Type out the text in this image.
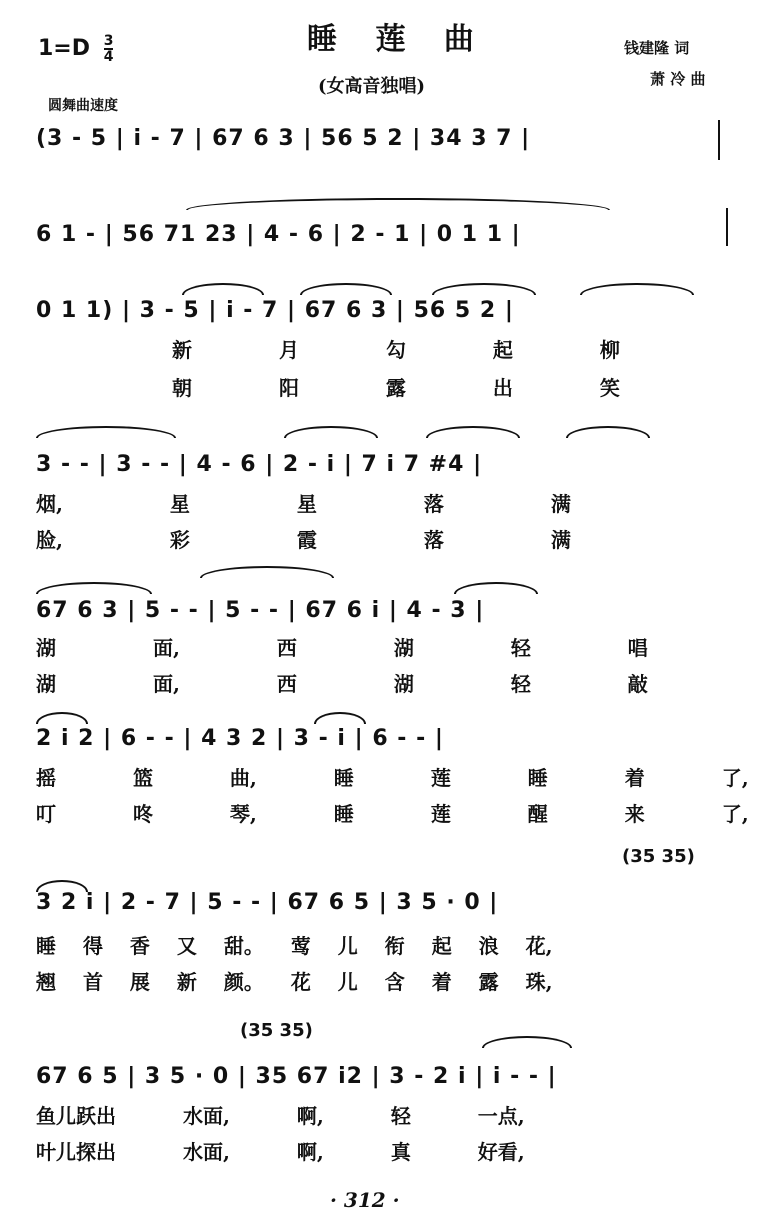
$1=D \frac{3}{4}$	睡 莲 曲
(女高音独唱)
钱建隆 词
萧 冷 曲
圆舞曲速度
(3 - 5 | i - 7 | 67 6 3 | 56 5 2 | 34 3 7 |
6 1 - | 56 71 23 | 4 - 6 | 2 - 1 | 0 1 1 |
0 1 1) | 3 - 5 | i - 7 | 67 6 3 | 56 5 2 |
新 月 勾 起 柳
朝 阳 露 出 笑
3 - - | 3 - - | 4 - 6 | 2 - i | 7 i 7 #4 |
烟, 星 星 落 满
脸, 彩 霞 落 满
67 6 3 | 5 - - | 5 - - | 67 6 i | 4 - 3 |
湖 面, 西 湖 轻 唱
湖 面, 西 湖 轻 敲
2 i 2 | 6 - - | 4 3 2 | 3 - i | 6 - - |
摇 篮 曲, 睡 莲 睡 着 了,
叮 咚 琴, 睡 莲 醒 来 了,
(35 35)
3 2 i | 2 - 7 | 5 - - | 67 6 5 | 3 5 · 0 |
睡 得 香 又 甜。 莺 儿 衔 起 浪 花,
翘 首 展 新 颜。 花 儿 含 着 露 珠,
(35 35)
67 6 5 | 3 5 · 0 | 35 67 i2 | 3 - 2 i | i - - |
鱼儿跃出 水面, 啊, 轻 一点,
叶儿探出 水面, 啊, 真 好看,
· 312 ·
